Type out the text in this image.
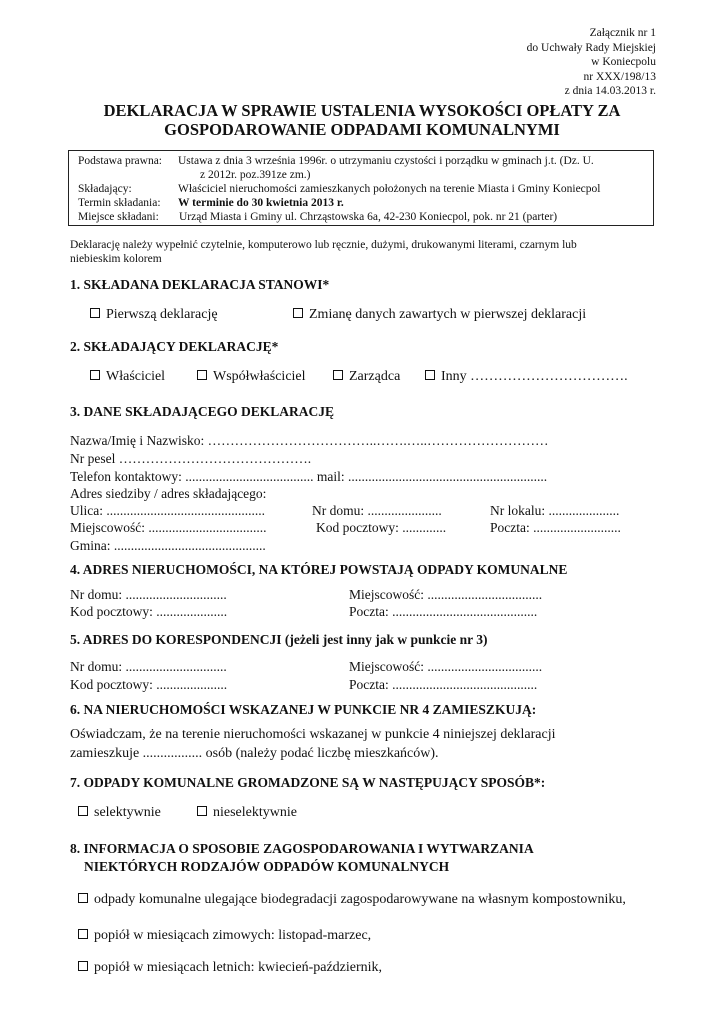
Załącznik nr 1
do Uchwały Rady Miejskiej
w Koniecpolu
nr XXX/198/13
z dnia 14.03.2013 r.
DEKLARACJA W SPRAWIE USTALENIA WYSOKOŚCI OPŁATY ZA
GOSPODAROWANIE ODPADAMI KOMUNALNYMI
Podstawa prawna: Ustawa z dnia 3 września 1996r. o utrzymaniu czystości i porządku w gminach j.t. (Dz. U.
z 2012r. poz.391ze zm.)
Składający:	Właściciel nieruchomości zamieszkanych położonych na terenie Miasta i Gminy Koniecpol
Termin składania: W terminie do 30 kwietnia 2013 r.
Miejsce składani: Urząd Miasta i Gminy ul. Chrząstowska 6a, 42-230 Koniecpol, pok. nr 21 (parter)
Deklarację należy wypełnić czytelnie, komputerowo lub ręcznie, dużymi, drukowanymi literami, czarnym lub
niebieskim kolorem
1. SKŁADANA DEKLARACJA STANOWI*
Pierwszą deklarację	Zmianę danych zawartych w pierwszej deklaracji
2. SKŁADAJĄCY DEKLARACJĘ*
Właściciel	Współwłaściciel	Zarządca	Inny …………………………….
3. DANE SKŁADAJĄCEGO DEKLARACJĘ
Nazwa/Imię i Nazwisko: ………………………………..…….…..………………………
Nr pesel …………………………………….
Telefon kontaktowy: ...................................... mail: ...........................................................
Adres siedziby / adres składającego:
Ulica: ...............................................	Nr domu: ......................	Nr lokalu: .....................
Miejscowość: ...................................	Kod pocztowy: .............	Poczta: ..........................
Gmina: .............................................
4. ADRES NIERUCHOMOŚCI, NA KTÓREJ POWSTAJĄ ODPADY KOMUNALNE
Nr domu: ..............................	Miejscowość: ..................................
Kod pocztowy: .....................	Poczta: ...........................................
5. ADRES DO KORESPONDENCJI (jeżeli jest inny jak w punkcie nr 3)
Nr domu: ..............................	Miejscowość: ..................................
Kod pocztowy: .....................	Poczta: ...........................................
6. NA NIERUCHOMOŚCI WSKAZANEJ W PUNKCIE NR 4 ZAMIESZKUJĄ:
Oświadczam, że na terenie nieruchomości wskazanej w punkcie 4 niniejszej deklaracji
zamieszkuje ................. osób (należy podać liczbę mieszkańców).
7. ODPADY KOMUNALNE GROMADZONE SĄ W NASTĘPUJĄCY SPOSÓB*:
selektywnie	nieselektywnie
8. INFORMACJA O SPOSOBIE ZAGOSPODAROWANIA I WYTWARZANIA
NIEKTÓRYCH RODZAJÓW ODPADÓW KOMUNALNYCH
odpady komunalne ulegające biodegradacji zagospodarowywane na własnym kompostowniku,
popiół w miesiącach zimowych: listopad-marzec,
popiół w miesiącach letnich: kwiecień-październik,
